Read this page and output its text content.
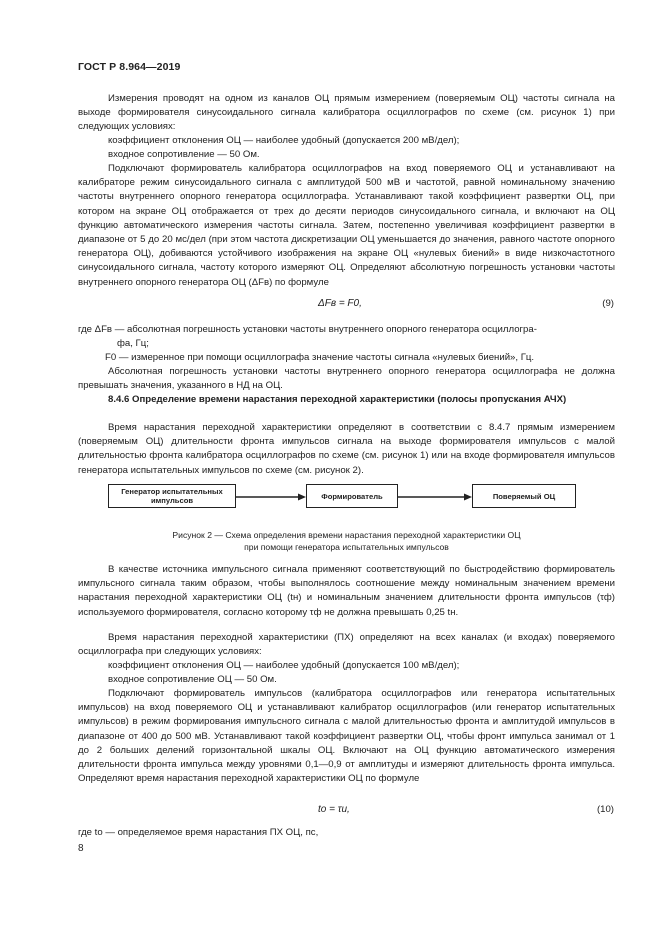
ГОСТ Р 8.964—2019
Измерения проводят на одном из каналов ОЦ прямым измерением (поверяемым ОЦ) частоты сигнала на выходе формирователя синусоидального сигнала калибратора осциллографов по схеме (см. рисунок 1) при следующих условиях:
коэффициент отклонения ОЦ — наиболее удобный (допускается 200 мВ/дел);
входное сопротивление — 50 Ом.
Подключают формирователь калибратора осциллографов на вход поверяемого ОЦ и устанавливают на калибраторе режим синусоидального сигнала с амплитудой 500 мВ и частотой, равной номинальному значению частоты внутреннего опорного генератора осциллографа. Устанавливают такой коэффициент развертки ОЦ, при котором на экране ОЦ отображается от трех до десяти периодов синусоидального сигнала, и включают на ОЦ функцию автоматического измерения частоты сигнала. Затем, постепенно увеличивая коэффициент развертки в диапазоне от 5 до 20 мс/дел (при этом частота дискретизации ОЦ уменьшается до значения, равного частоте опорного генератора ОЦ), добиваются устойчивого изображения на экране ОЦ «нулевых биений» в виде низкочастотного синусоидального сигнала, частоту которого измеряют ОЦ. Определяют абсолютную погрешность установки частоты внутреннего опорного генератора ОЦ (ΔFв) по формуле
ΔFв = F0,	(9)
где ΔFв — абсолютная погрешность установки частоты внутреннего опорного генератора осциллогра-
фа, Гц;
F0 — измеренное при помощи осциллографа значение частоты сигнала «нулевых биений», Гц.
Абсолютная погрешность установки частоты внутреннего опорного генератора осциллографа не должна превышать значения, указанного в НД на ОЦ.
8.4.6 Определение времени нарастания переходной характеристики (полосы пропускания АЧХ)
Время нарастания переходной характеристики определяют в соответствии с 8.4.7 прямым измерением (поверяемым ОЦ) длительности фронта импульсов сигнала на выходе формирователя импульсов с малой длительностью фронта калибратора осциллографов по схеме (см. рисунок 1) или на входе формирователя импульсов генератора испытательных импульсов по схеме (см. рисунок 2).
Генератор испытательных импульсов	Формирователь	Поверяемый ОЦ
Рисунок 2 — Схема определения времени нарастания переходной характеристики ОЦ
при помощи генератора испытательных импульсов
В качестве источника импульсного сигнала применяют соответствующий по быстродействию формирователь импульсного сигнала таким образом, чтобы выполнялось соотношение между номинальным значением времени нарастания переходной характеристики ОЦ (tн) и номинальным значением длительности фронта импульсов (τф) используемого формирователя, согласно которому τф не должна превышать 0,25 tн.
Время нарастания переходной характеристики (ПХ) определяют на всех каналах (и входах) поверяемого осциллографа при следующих условиях:
коэффициент отклонения ОЦ — наиболее удобный (допускается 100 мВ/дел);
входное сопротивление ОЦ — 50 Ом.
Подключают формирователь импульсов (калибратора осциллографов или генератора испытательных импульсов) на вход поверяемого ОЦ и устанавливают калибратор осциллографов (или генератор испытательных импульсов) в режим формирования импульсного сигнала с малой длительностью фронта и амплитудой импульсов в диапазоне от 400 до 500 мВ. Устанавливают такой коэффициент развертки ОЦ, чтобы фронт импульса занимал от 1 до 2 больших делений горизонтальной шкалы ОЦ. Включают на ОЦ функцию автоматического измерения длительности фронта импульса между уровнями 0,1—0,9 от амплитуды и измеряют длительность фронта импульса. Определяют время нарастания переходной характеристики ОЦ по формуле
tо = τи,	(10)
где tо — определяемое время нарастания ПХ ОЦ, пс,
8
